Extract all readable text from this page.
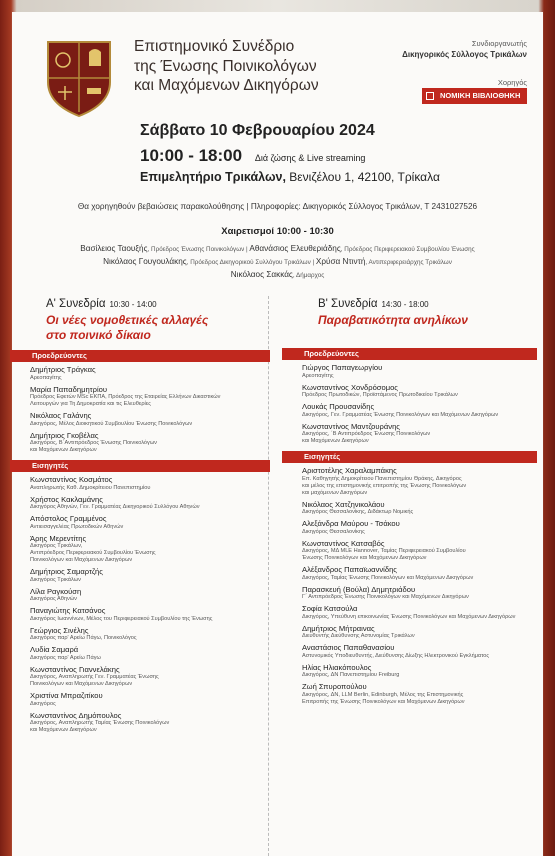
Επιστημονικό Συνέδριο
της Ένωσης Ποινικολόγων
και Μαχόμενων Δικηγόρων
Συνδιοργανωτής
Δικηγορικός Σύλλογος Τρικάλων
Χορηγός
ΝΟΜΙΚΗ ΒΙΒΛΙΟΘΗΚΗ
Σάββατο 10 Φεβρουαρίου 2024
10:00 - 18:00 Διά ζώσης & Live streaming
Επιμελητήριο Τρικάλων, Βενιζέλου 1, 42100, Τρίκαλα
Θα χορηγηθούν βεβαιώσεις παρακολούθησης | Πληροφορίες: Δικηγορικός Σύλλογος Τρικάλων, Τ 2431027526
Χαιρετισμοί 10:00 - 10:30
Βασίλειος Ταουξής, Πρόεδρος Ένωσης Ποινικολόγων | Αθανάσιος Ελευθεριάδης, Πρόεδρος Περιφερειακού Συμβουλίου Ένωσης
Νικόλαος Γουγουλάκης, Πρόεδρος Δικηγορικού Συλλόγου Τρικάλων | Χρύσα Ντιντή, Αντιπεριφερειάρχης Τρικάλων
Νικόλαος Σακκάς, Δήμαρχος
Α' Συνεδρία 10:30 - 14:00
Οι νέες νομοθετικές αλλαγές
στο ποινικό δίκαιο
Προεδρεύοντες
Δημήτριος Τράγκας
Αρεοπαγίτης
Μαρία Παπαδημητρίου
Πρόεδρος Εφετών MSc ΕΚΠΑ, Πρόεδρος της Εταιρείας Ελλήνων Δικαστικών
Λειτουργών για Τη Δημοκρατία και τις Ελευθερίες
Νικόλαος Γαλάνης
Δικηγόρος, Μέλος Διοικητικού Συμβουλίου Ένωσης Ποινικολόγων
Δημήτριος Γκοβέλας
Δικηγόρος, Β΄Αντιπρόεδρος Ένωσης Ποινικολόγων
και Μαχόμενων Δικηγόρων
Εισηγητές
Κωνσταντίνος Κοσμάτος
Αναπληρωτής Καθ. Δημοκρίτειου Πανεπιστημίου
Χρήστος Κακλαμάνης
Δικηγόρος Αθηνών, Γεν. Γραμματέας Δικηγορικού Συλλόγου Αθηνών
Απόστολος Γραμμένος
Αντιεισαγγελέας Πρωτοδικών Αθηνών
Άρης Μερεντίτης
Δικηγόρος Τρικάλων,
Αντιπρόεδρος Περιφερειακού Συμβουλίου Ένωσης
Ποινικολόγων και Μαχόμενων Δικηγόρων
Δημήτριος Σαμαρτζής
Δικηγόρος Τρικάλων
Λίλα Ραγκούση
Δικηγόρος Αθηνών
Παναγιώτης Κατσάνος
Δικηγόρος Ιωαννίνων, Μέλος του Περιφερειακού Συμβουλίου της Ένωσης
Γεώργιος Σινέλης
Δικηγόρος παρ' Αρείω Πάγω, Ποινικολόγος
Λυδία Σαμαρά
Δικηγόρος παρ' Αρείω Πάγω
Κωνσταντίνος Γιαννελάκης
Δικηγόρος, Αναπληρωτής Γεν. Γραμματέας Ένωσης
Ποινικολόγων και Μαχόμενων Δικηγόρων
Χριστίνα Μπραζιτίκου
Δικηγόρος
Κωνσταντίνος Δημόπουλος
Δικηγόρος, Αναπληρωτής Ταμίας Ένωσης Ποινικολόγων
και Μαχόμενων Δικηγόρων
Β' Συνεδρία 14:30 - 18:00
Παραβατικότητα ανηλίκων
Προεδρεύοντες
Γιώργος Παπαγεωργίου
Αρεοπαγίτης
Κωνσταντίνος Χονδρόσομος
Πρόεδρος Πρωτοδικών, Προϊστάμενος Πρωτοδικείου Τρικάλων
Λουκάς Προυσανίδης
Δικηγόρος, Γεν. Γραμματέας Ένωσης Ποινικολόγων και Μαχόμενων Δικηγόρων
Κωνσταντίνος Μαντζουράνης
Δικηγόρος, ´Β Αντιπρόεδρος Ένωσης Ποινικολόγων
και Μαχόμενων Δικηγόρων
Εισηγητές
Αριστοτέλης Χαραλαμπάκης
Επ. Καθηγητής Δημοκρίτειου Πανεπιστημίου Θράκης, Δικηγόρος
και μέλος της επιστημονικής επιτροπής της Ένωσης Ποινικολόγων
και μαχόμενων Δικηγόρων
Νικόλαος Χατζηνικολάου
Δικηγόρος Θεσσαλονίκης, Διδάκτωρ Νομικής
Αλεξάνδρα Μαύρου - Τσάκου
Δικηγόρος Θεσσαλονίκης
Κωνσταντίνος Κατσαβός
Δικηγόρος, ΜΔ MLE Hannover, Ταμίας Περιφερειακού Συμβουλίου
Ένωσης Ποινικολόγων και Μαχόμενων Δικηγόρων
Αλέξανδρος Παπαϊωαννίδης
Δικηγόρος, Ταμίας Ένωσης Ποινικολόγων και Μαχόμενων Δικηγόρων
Παρασκευή (Βούλα) Δημητριάδου
Γ΄ Αντιπρόεδρος Ένωσης Ποινικολόγων και Μαχόμενων Δικηγόρων
Σοφία Κατσούλα
Δικηγόρος, Υπεύθυνη επικοινωνίας Ένωσης Ποινικολόγων και Μαχόμενων Δικηγόρων
Δημήτριος Μήτραινας
Διευθυντής Διεύθυνσης Αστυνομίας Τρικάλων
Αναστάσιος Παπαθανασίου
Αστυνομικός Υποδιευθυντής, Διεύθυνσης Δίωξης Ηλεκτρονικού Εγκλήματος
Ηλίας Ηλιακόπουλος
Δικηγόρος, ΔΝ Πανεπιστημίου Freiburg
Ζωή Σπυροπούλου
Δικηγόρος, ΔΝ, LLM Berlin, Edinburgh, Μέλος της Επιστημονικής
Επιτροπής της Ένωσης Ποινικολόγων και Μαχόμενων Δικηγόρων
